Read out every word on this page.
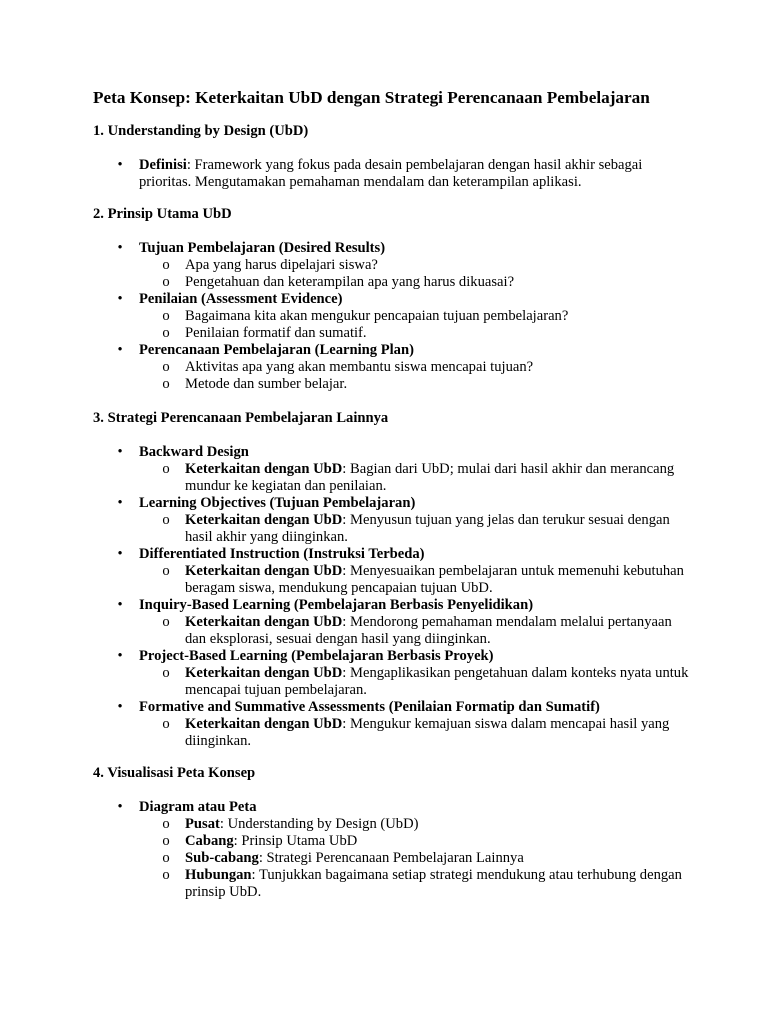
Peta Konsep: Keterkaitan UbD dengan Strategi Perencanaan Pembelajaran

1. Understanding by Design (UbD)

• Definisi: Framework yang fokus pada desain pembelajaran dengan hasil akhir sebagai prioritas. Mengutamakan pemahaman mendalam dan keterampilan aplikasi.

2. Prinsip Utama UbD

• Tujuan Pembelajaran (Desired Results)
o Apa yang harus dipelajari siswa?
o Pengetahuan dan keterampilan apa yang harus dikuasai?
• Penilaian (Assessment Evidence)
o Bagaimana kita akan mengukur pencapaian tujuan pembelajaran?
o Penilaian formatif dan sumatif.
• Perencanaan Pembelajaran (Learning Plan)
o Aktivitas apa yang akan membantu siswa mencapai tujuan?
o Metode dan sumber belajar.

3. Strategi Perencanaan Pembelajaran Lainnya

• Backward Design
o Keterkaitan dengan UbD: Bagian dari UbD; mulai dari hasil akhir dan merancang mundur ke kegiatan dan penilaian.
• Learning Objectives (Tujuan Pembelajaran)
o Keterkaitan dengan UbD: Menyusun tujuan yang jelas dan terukur sesuai dengan hasil akhir yang diinginkan.
• Differentiated Instruction (Instruksi Terbeda)
o Keterkaitan dengan UbD: Menyesuaikan pembelajaran untuk memenuhi kebutuhan beragam siswa, mendukung pencapaian tujuan UbD.
• Inquiry-Based Learning (Pembelajaran Berbasis Penyelidikan)
o Keterkaitan dengan UbD: Mendorong pemahaman mendalam melalui pertanyaan dan eksplorasi, sesuai dengan hasil yang diinginkan.
• Project-Based Learning (Pembelajaran Berbasis Proyek)
o Keterkaitan dengan UbD: Mengaplikasikan pengetahuan dalam konteks nyata untuk mencapai tujuan pembelajaran.
• Formative and Summative Assessments (Penilaian Formatip dan Sumatif)
o Keterkaitan dengan UbD: Mengukur kemajuan siswa dalam mencapai hasil yang diinginkan.

4. Visualisasi Peta Konsep

• Diagram atau Peta
o Pusat: Understanding by Design (UbD)
o Cabang: Prinsip Utama UbD
o Sub-cabang: Strategi Perencanaan Pembelajaran Lainnya
o Hubungan: Tunjukkan bagaimana setiap strategi mendukung atau terhubung dengan prinsip UbD.
